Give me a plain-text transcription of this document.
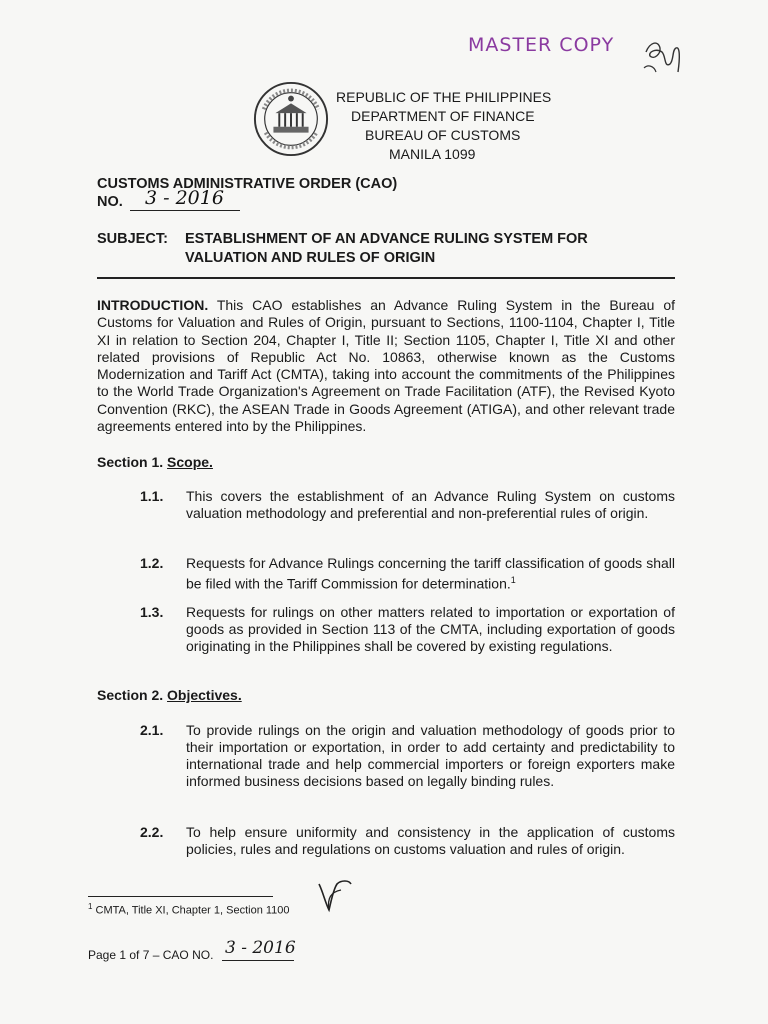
MASTER COPY
REPUBLIC OF THE PHILIPPINES
DEPARTMENT OF FINANCE
BUREAU OF CUSTOMS
MANILA 1099
CUSTOMS ADMINISTRATIVE ORDER (CAO)
NO. 3 - 2016
SUBJECT: ESTABLISHMENT OF AN ADVANCE RULING SYSTEM FOR
VALUATION AND RULES OF ORIGIN
INTRODUCTION. This CAO establishes an Advance Ruling System in the Bureau of Customs for Valuation and Rules of Origin, pursuant to Sections, 1100-1104, Chapter I, Title XI in relation to Section 204, Chapter I, Title II; Section 1105, Chapter I, Title XI and other related provisions of Republic Act No. 10863, otherwise known as the Customs Modernization and Tariff Act (CMTA), taking into account the commitments of the Philippines to the World Trade Organization's Agreement on Trade Facilitation (ATF), the Revised Kyoto Convention (RKC), the ASEAN Trade in Goods Agreement (ATIGA), and other relevant trade agreements entered into by the Philippines.
Section 1. Scope.
1.1. This covers the establishment of an Advance Ruling System on customs valuation methodology and preferential and non-preferential rules of origin.
1.2. Requests for Advance Rulings concerning the tariff classification of goods shall be filed with the Tariff Commission for determination.$^1$
1.3. Requests for rulings on other matters related to importation or exportation of goods as provided in Section 113 of the CMTA, including exportation of goods originating in the Philippines shall be covered by existing regulations.
Section 2. Objectives.
2.1. To provide rulings on the origin and valuation methodology of goods prior to their importation or exportation, in order to add certainty and predictability to international trade and help commercial importers or foreign exporters make informed business decisions based on legally binding rules.
2.2. To help ensure uniformity and consistency in the application of customs policies, rules and regulations on customs valuation and rules of origin.
$^1$ CMTA, Title XI, Chapter 1, Section 1100
Page 1 of 7 – CAO NO. 3 - 2016
